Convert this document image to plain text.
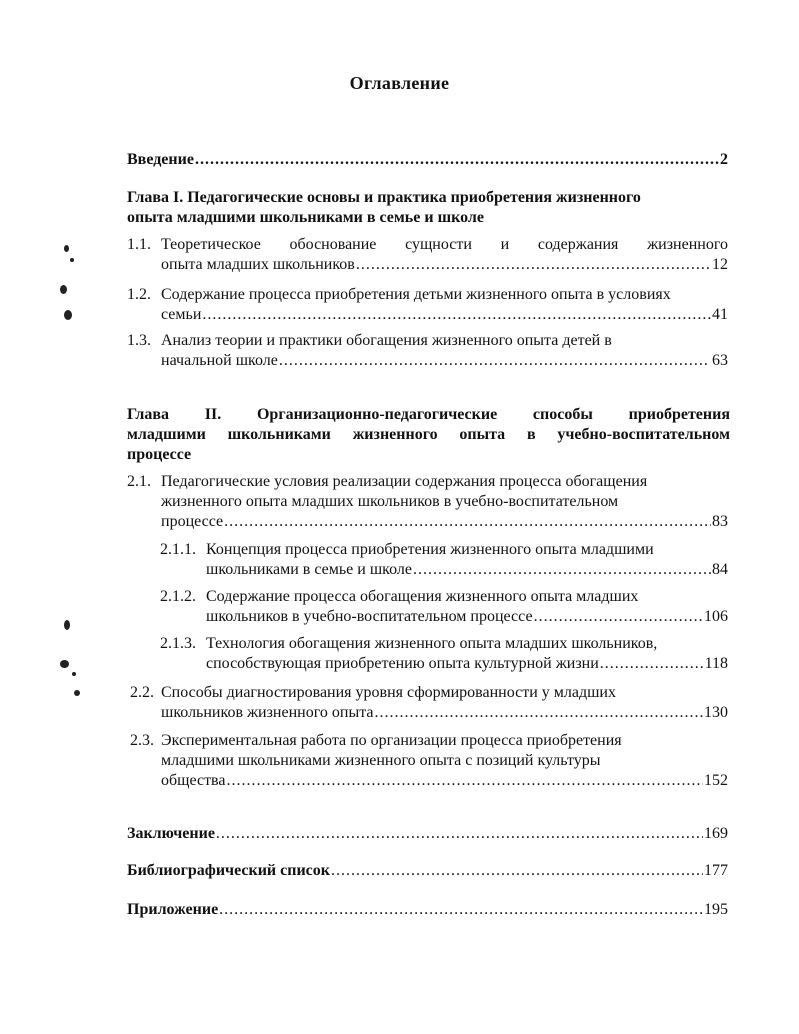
Оглавление
Введение .....	2
Глава I. Педагогические основы и практика приобретения жизненного
опыта младшими школьниками в семье и школе
1.1. Теоретическое обоснование сущности и содержания жизненного
опыта младших школьников .....	12
1.2. Содержание процесса приобретения детьми жизненного опыта в условиях
семьи .....	41
1.3. Анализ теории и практики обогащения жизненного опыта детей в
начальной школе .....	63
Глава II. Организационно-педагогические способы приобретения
младшими школьниками жизненного опыта в учебно-воспитательном
процессе
2.1. Педагогические условия реализации содержания процесса обогащения
жизненного опыта младших школьников в учебно-воспитательном
процессе .....	83
2.1.1. Концепция процесса приобретения жизненного опыта младшими
школьниками в семье и школе .....	84
2.1.2. Содержание процесса обогащения жизненного опыта младших
школьников в учебно-воспитательном процессе .....	106
2.1.3. Технология обогащения жизненного опыта младших школьников,
способствующая приобретению опыта культурной жизни .....	118
2.2. Способы диагностирования уровня сформированности у младших
школьников жизненного опыта .....	130
2.3. Экспериментальная работа по организации процесса приобретения
младшими школьниками жизненного опыта с позиций культуры
общества .....	152
Заключение .....	169
Библиографический список .....	177
Приложение .....	195
